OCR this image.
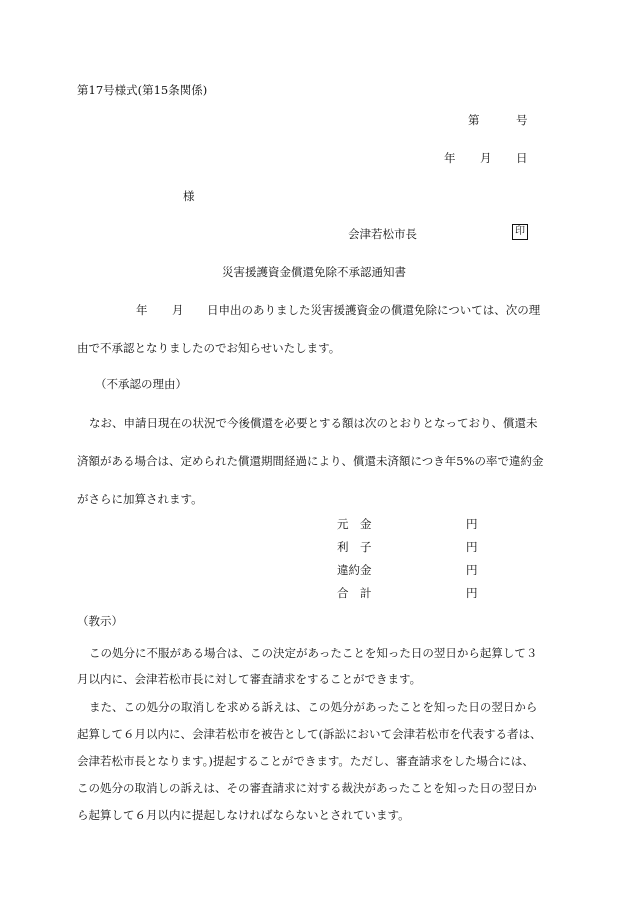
第17号様式(第15条関係)
第	号
年 月 日
様
会津若松市長	印
災害援護資金償還免除不承認通知書
年 月 日申出のありました災害援護資金の償還免除については、次の理
由で不承認となりましたのでお知らせいたします。
（不承認の理由）
なお、申請日現在の状況で今後償還を必要とする額は次のとおりとなっており、償還未
済額がある場合は、定められた償還期間経過により、償還未済額につき年5%の率で違約金
がさらに加算されます。
元　金	円
利　子	円
違約金	円
合　計	円
（教示）
この処分に不服がある場合は、この決定があったことを知った日の翌日から起算して３
月以内に、会津若松市長に対して審査請求をすることができます。
また、この処分の取消しを求める訴えは、この処分があったことを知った日の翌日から
起算して６月以内に、会津若松市を被告として(訴訟において会津若松市を代表する者は、
会津若松市長となります。)提起することができます。ただし、審査請求をした場合には、
この処分の取消しの訴えは、その審査請求に対する裁決があったことを知った日の翌日か
ら起算して６月以内に提起しなければならないとされています。
